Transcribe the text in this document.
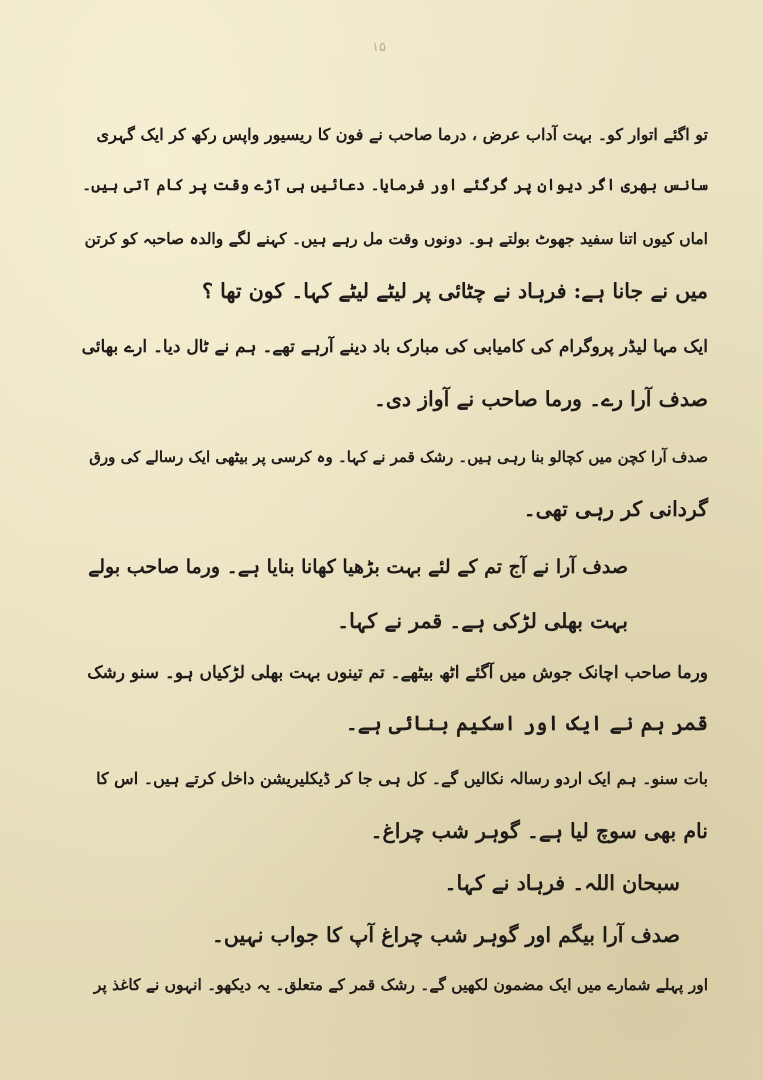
۱۵
تو اگئے اتوار کو۔ بہت آداب عرض ، درما صاحب نے فون کا ریسیور واپس رکھ کر ایک گہری
سانس بھری اگر دیوان پر گرگئے اور فرمایا۔ دعائیں ہی آڑے وقت پر کام آتی ہیں۔
اماں کیوں اتنا سفید جھوٹ بولتے ہو۔ دونوں وقت مل رہے ہیں۔ کہنے لگے والدہ صاحبہ کو کرتن
میں نے جانا ہے: فرہاد نے چٹائی پر لیٹے لیٹے کہا۔ کون تھا ؟
ایک مہا لیڈر پروگرام کی کامیابی کی مبارک باد دینے آرہے تھے۔ ہم نے ٹال دیا۔ ارے بھائی
صدف آرا رے۔ ورما صاحب نے آواز دی۔
صدف آرا کچن میں کچالو بنا رہی ہیں۔ رشک قمر نے کہا۔ وہ کرسی پر بیٹھی ایک رسالے کی ورق
گردانی کر رہی تھی۔
صدف آرا نے آج تم کے لئے بہت بڑھیا کھانا بنایا ہے۔ ورما صاحب بولے
بہت بھلی لڑکی ہے۔ قمر نے کہا۔
ورما صاحب اچانک جوش میں آگئے اٹھ بیٹھے۔ تم تینوں بہت بھلی لڑکیاں ہو۔ سنو رشک
قمر ہم نے ایک اور اسکیم بنائی ہے۔
بات سنو۔ ہم ایک اردو رسالہ نکالیں گے۔ کل ہی جا کر ڈیکلیریشن داخل کرتے ہیں۔ اس کا
نام بھی سوچ لیا ہے۔ گوہر شب چراغ۔
سبحان اللہ۔ فرہاد نے کہا۔
صدف آرا بیگم اور گوہر شب چراغ آپ کا جواب نہیں۔
اور پہلے شمارے میں ایک مضمون لکھیں گے۔ رشک قمر کے متعلق۔ یہ دیکھو۔ انہوں نے کاغذ پر
